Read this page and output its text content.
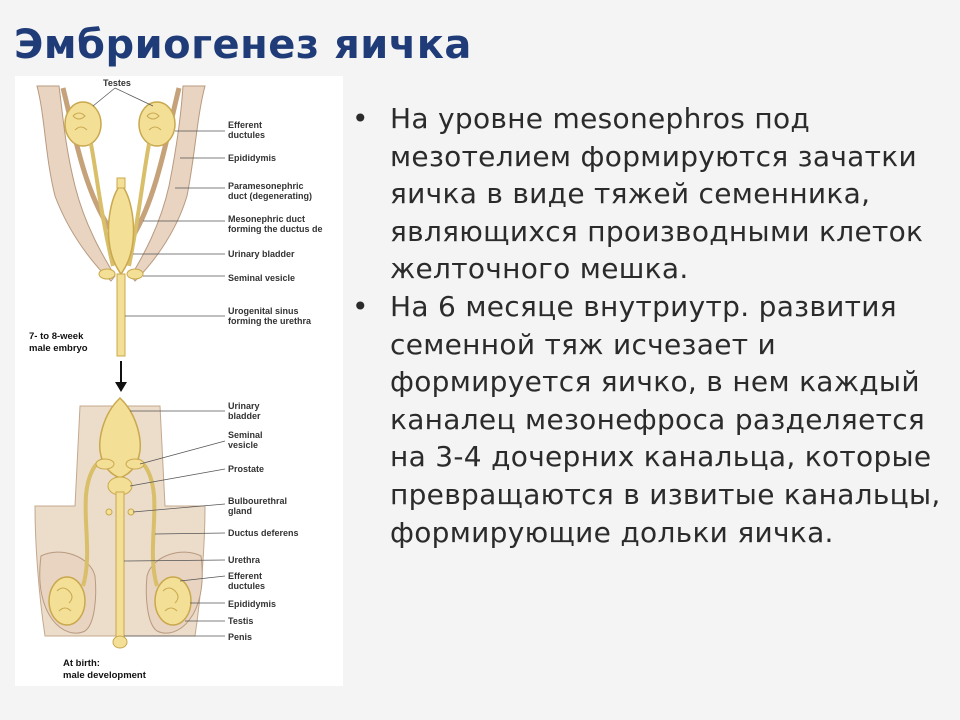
Эмбриогенез яичка
Testes
Efferent
ductules
Epididymis
Paramesonephric
duct (degenerating)
Mesonephric duct
forming the ductus de
Urinary bladder
Seminal vesicle
Urogenital sinus
forming the urethra
7- to 8-week
male embryo
Urinary
bladder
Seminal
vesicle
Prostate
Bulbourethral
gland
Ductus deferens
Urethra
Efferent
ductules
Epididymis
Testis
Penis
At birth:
male development
• На уровне mesonephros под мезотелием формируются зачатки яичка в виде тяжей семенника, являющихся производными клеток желточного мешка.
• На 6 месяце внутриутр. развития семенной тяж исчезает и формируется яичко, в нем каждый каналец мезонефроса разделяется на 3-4 дочерних канальца, которые превращаются в извитые канальцы, формирующие дольки яичка.
